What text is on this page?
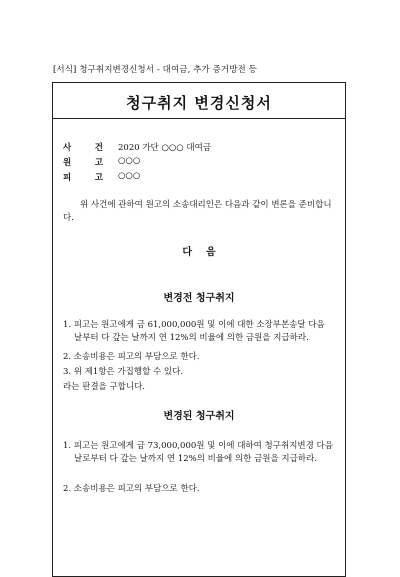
[서식] 청구취지변경신청서 - 대여금, 추가 증거방전 등
청구취지 변경신청서
사	건 2020 가단 ○○○ 대여금
원	고 ○○○
피	고 ○○○
위 사건에 관하여 원고의 소송대리인은 다음과 같이 변론을 준비합니다.
다음
변경전 청구취지
1. 피고는 원고에게 금 61,000,000원 및 이에 대한 소장부본송달 다음 날부터 다 갚는 날까지 연 12%의 비율에 의한 금원을 지급하라.
2. 소송비용은 피고의 부담으로 한다.
3. 위 제1항은 가집행할 수 있다.
라는 판결을 구합니다.
변경된 청구취지
1. 피고는 원고에게 금 73,000,000원 및 이에 대하여 청구취지변경 다음 날로부터 다 갚는 날까지 연 12%의 비율에 의한 금원을 지급하라.
2. 소송비용은 피고의 부담으로 한다.
